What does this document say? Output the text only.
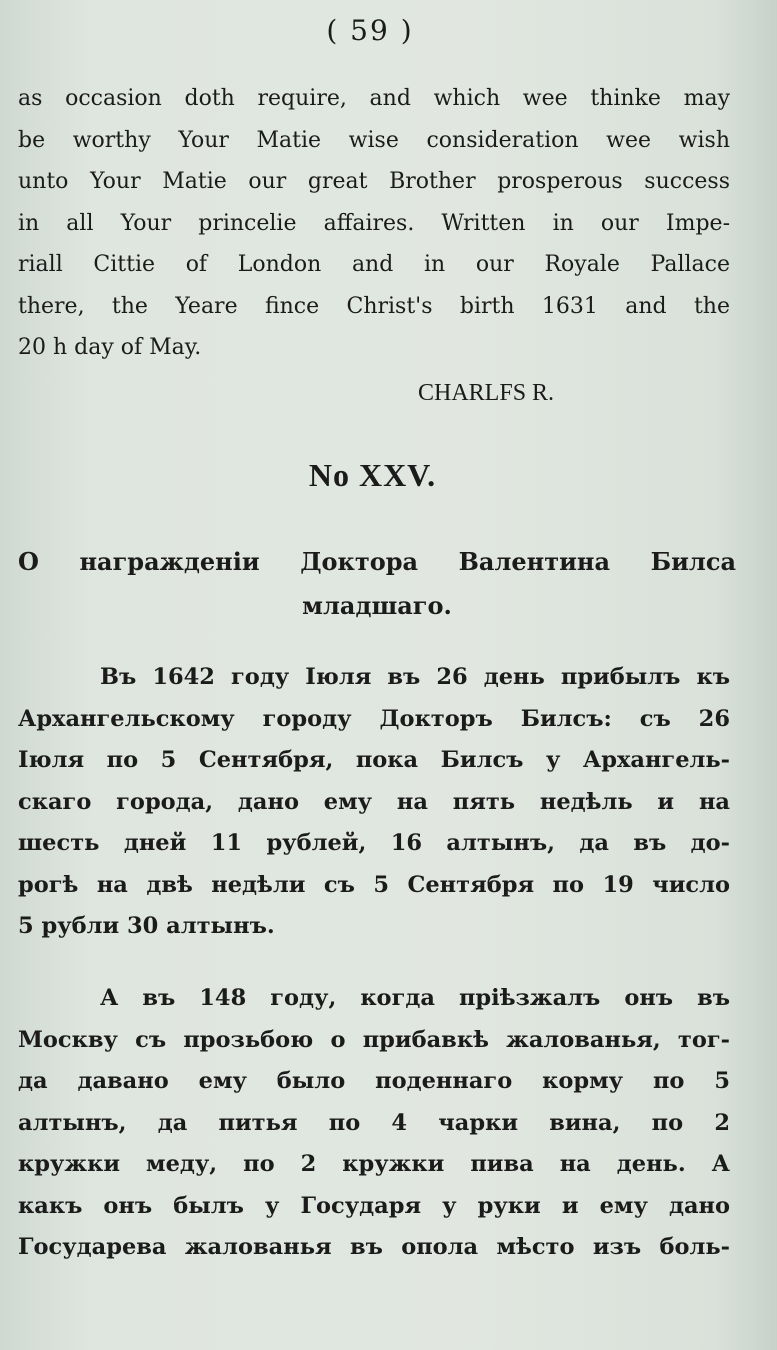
( 59 )
as occasion doth require, and which wee thinke may
be worthy Your Matie wise consideration wee wish
unto Your Matie our great Brother prosperous success
in all Your princelie affaires. Written in our Impe-
riall Cittie of London and in our Royale Pallace
there, the Yeare fince Christ's birth 1631 and the
20 h day of May.
CHARLFS R.
No XXV.
О награжденіи Доктора Валентина Билса
младшаго.
Въ 1642 году Іюля въ 26 день прибылъ къ
Архангельскому городу Докторъ Билсъ: съ 26
Іюля по 5 Сентября, пока Билсъ у Архангель-
скаго города, дано ему на пять недѣль и на
шесть дней 11 рублей, 16 алтынъ, да въ до-
рогѣ на двѣ недѣли съ 5 Сентября по 19 число
5 рубли 30 алтынъ.
А въ 148 году, когда пріѣзжалъ онъ въ
Москву съ прозьбою о прибавкѣ жалованья, тог-
да давано ему было поденнаго корму по 5
алтынъ, да питья по 4 чарки вина, по 2
кружки меду, по 2 кружки пива на день. А
какъ онъ былъ у Государя у руки и ему дано
Государева жалованья въ опола мѣсто изъ боль-
